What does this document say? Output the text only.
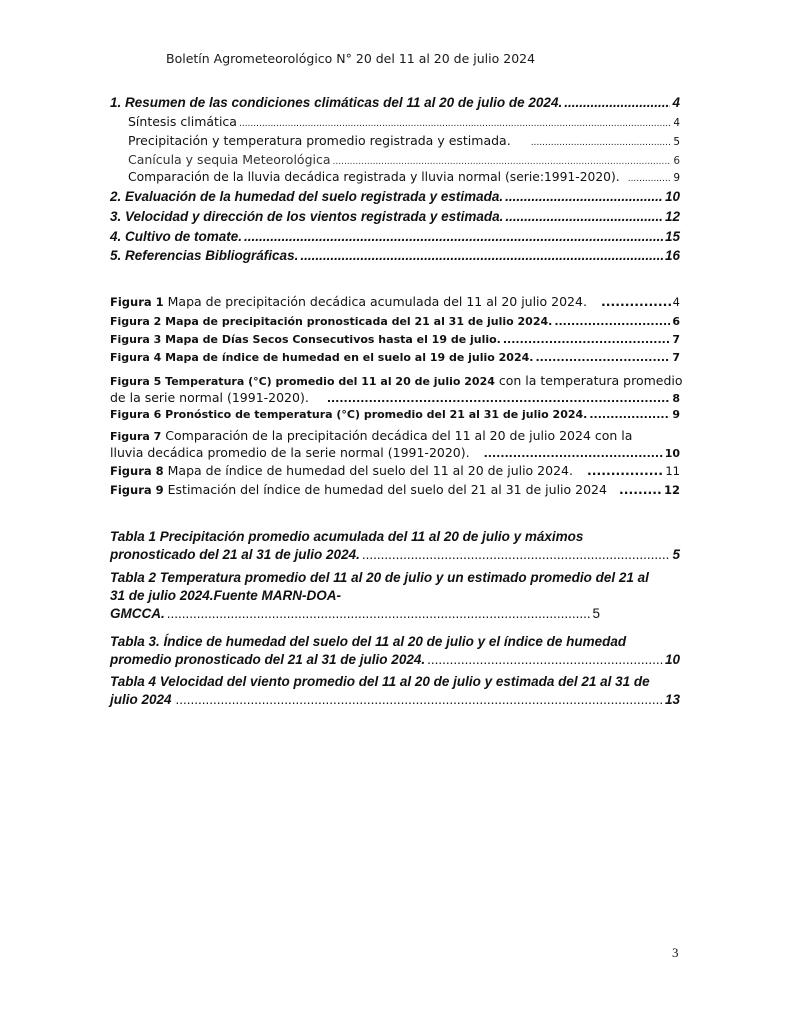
Boletín Agrometeorológico N° 20 del 11 al 20 de julio 2024
1. Resumen de las condiciones climáticas del 11 al 20 de julio de 2024. .....	4
Síntesis climática .....	4
Precipitación y temperatura promedio registrada y estimada. .....	5
Canícula y sequia Meteorológica .....	6
Comparación de la lluvia decádica registrada y lluvia normal (serie:1991-2020). .....	9
2. Evaluación de la humedad del suelo registrada y estimada. .....	10
3. Velocidad y dirección de los vientos registrada y estimada. .....	12
4. Cultivo de tomate. .....	15
5. Referencias Bibliográficas. .....	16
Figura 1 Mapa de precipitación decádica acumulada del 11 al 20 julio 2024. .....	4
Figura 2 Mapa de precipitación pronosticada del 21 al 31 de julio 2024. .....	6
Figura 3 Mapa de Días Secos Consecutivos hasta el 19 de julio. .....	7
Figura 4 Mapa de índice de humedad en el suelo al 19 de julio 2024. .....	7
Figura 5 Temperatura (°C) promedio del 11 al 20 de julio 2024 con la temperatura promedio
de la serie normal (1991-2020). .....	8
Figura 6 Pronóstico de temperatura (°C) promedio del 21 al 31 de julio 2024. .....	9
Figura 7 Comparación de la precipitación decádica del 11 al 20 de julio 2024 con la
lluvia decádica promedio de la serie normal (1991-2020). .....	10
Figura 8 Mapa de índice de humedad del suelo del 11 al 20 de julio 2024. .....	11
Figura 9 Estimación del índice de humedad del suelo del 21 al 31 de julio 2024 .....	12
Tabla 1 Precipitación promedio acumulada del 11 al 20 de julio y máximos
pronosticado del 21 al 31 de julio 2024. .....	5
Tabla 2 Temperatura promedio del 11 al 20 de julio y un estimado promedio del 21 al
31 de julio 2024.Fuente MARN-DOA-
GMCCA. .....	5
Tabla 3. Índice de humedad del suelo del 11 al 20 de julio y el índice de humedad
promedio pronosticado del 21 al 31 de julio 2024. .....	10
Tabla 4 Velocidad del viento promedio del 11 al 20 de julio y estimada del 21 al 31 de
julio 2024 .....	13
3
